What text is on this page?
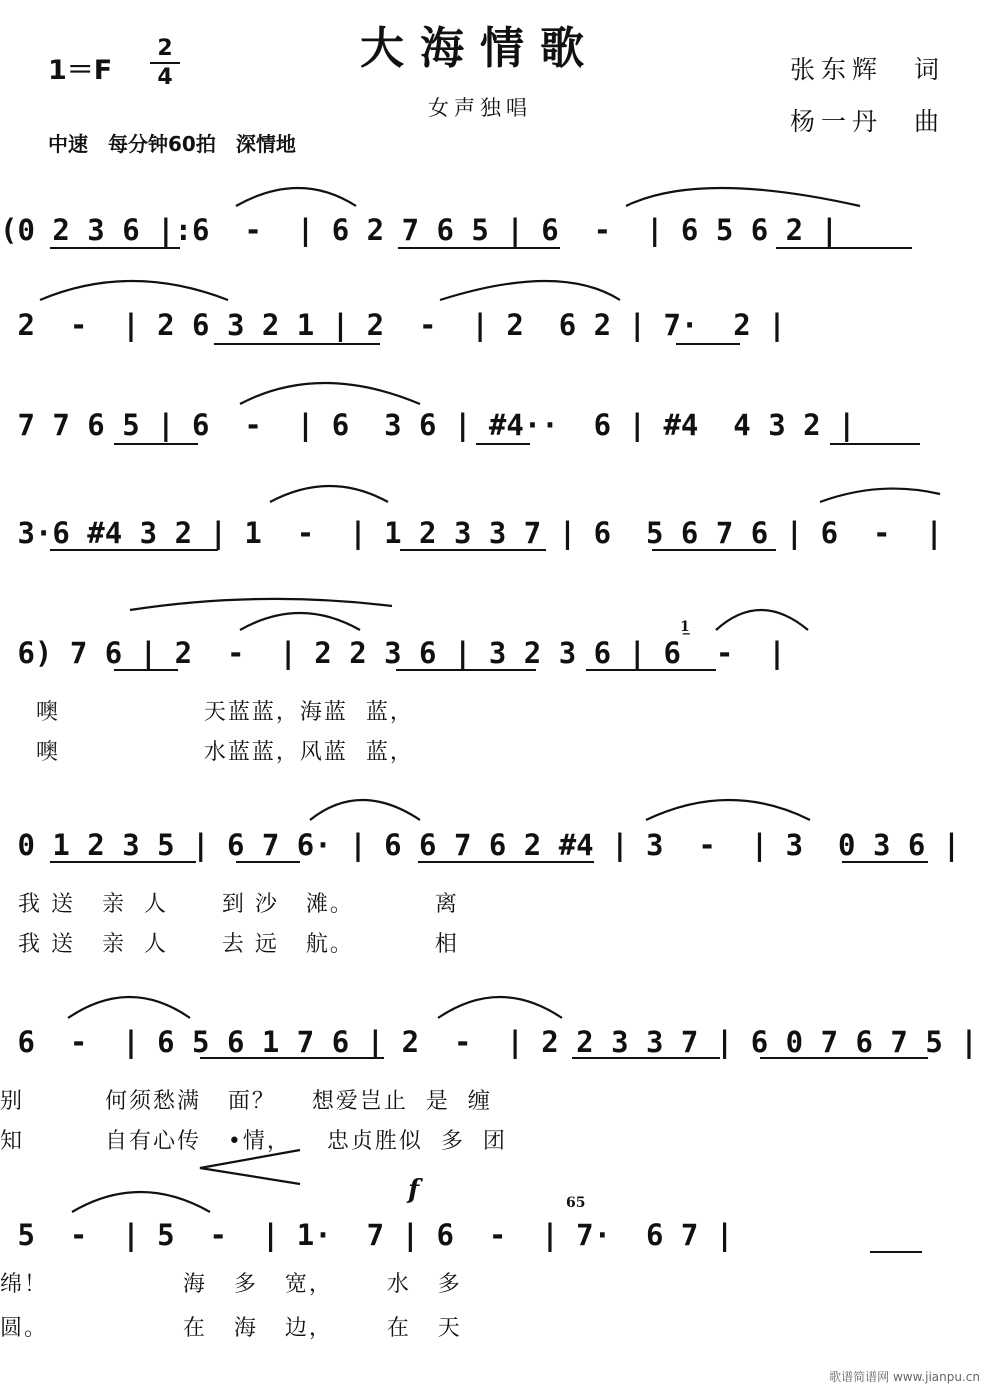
大海情歌
女声独唱
1＝F
2
4
中速　每分钟60拍　深情地
张东辉　词
杨一丹　曲
(0 2 3 6 |:6  -  | 6 2 7 6 5 | 6  -  | 6 5 6 2 |
2  -  | 2 6 3 2 1 | 2  -  | 2  6 2 | 7·  2 |
7 7 6 5 | 6  -  | 6  3 6 | #4··  6 | #4  4 3 2 |
3·6 #4 3 2 | 1  -  | 1 2 3 3 7 | 6  5 6 7 6 | 6  -  |
6) 7 6 | 2  -  | 2 2 3 6 | 3 2 3 6 | 6  -  |
1̲
噢                天蓝蓝，海蓝  蓝，
噢                水蓝蓝，风蓝  蓝，
0 1 2 3 5 | 6 7 6· | 6 6 7 6 2 #4 | 3  -  | 3  0 3 6 |
我 送   亲  人      到 沙   滩。         离
我 送   亲  人      去 远   航。         相
6  -  | 6 5 6 1 7 6 | 2  -  | 2 2 3 3 7 | 6 0 7 6 7 5 |
别         何须愁满   面？    想爱岂止  是  缠
知         自有心传   •情，    忠贞胜似  多  团
f	65
5  -  | 5  -  | 1·  7 | 6  -  | 7·  6 7 |
绵！               海   多   宽，      水   多
圆。               在   海   边，      在   天
歌谱简谱网 www.jianpu.cn
